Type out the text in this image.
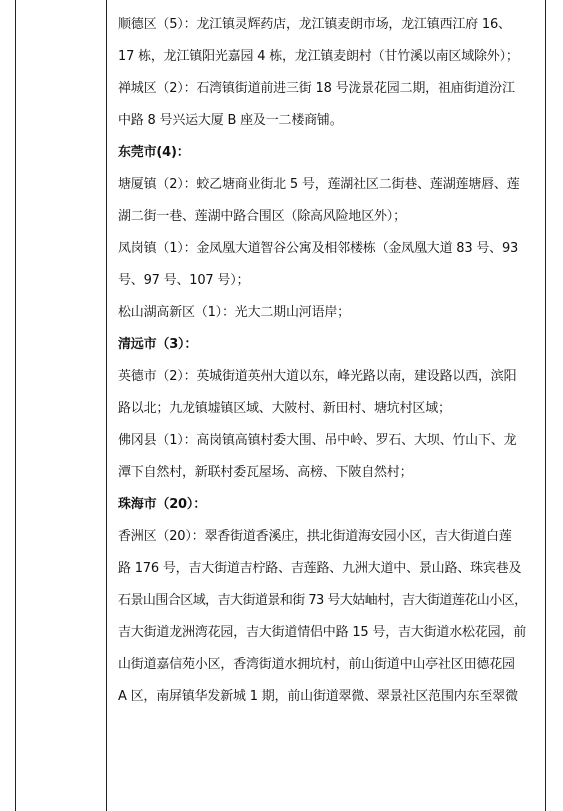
顺德区（5）：龙江镇灵辉药店，龙江镇麦朗市场，龙江镇西江府 16、
17 栋，龙江镇阳光嘉园 4 栋，龙江镇麦朗村（甘竹溪以南区域除外）；
禅城区（2）：石湾镇街道前进三街 18 号泷景花园二期，祖庙街道汾江
中路 8 号兴运大厦 B 座及一二楼商铺。
东莞市(4)：
塘厦镇（2）：蛟乙塘商业街北 5 号，莲湖社区二街巷、莲湖莲塘唇、莲
湖二街一巷、莲湖中路合围区（除高风险地区外）；
凤岗镇（1）：金凤凰大道智谷公寓及相邻楼栋（金凤凰大道 83 号、93
号、97 号、107 号）；
松山湖高新区（1）：光大二期山河语岸；
清远市（3）：
英德市（2）：英城街道英州大道以东，峰光路以南，建设路以西，滨阳
路以北；九龙镇墟镇区域、大陂村、新田村、塘坑村区域；
佛冈县（1）：高岗镇高镇村委大围、吊中岭、罗石、大坝、竹山下、龙
潭下自然村，新联村委瓦屋场、高榜、下陂自然村；
珠海市（20）：
香洲区（20）：翠香街道香溪庄，拱北街道海安园小区，吉大街道白莲
路 176 号，吉大街道吉柠路、吉莲路、九洲大道中、景山路、珠宾巷及
石景山围合区域，吉大街道景和街 73 号大姑岫村，吉大街道莲花山小区，
吉大街道龙洲湾花园，吉大街道情侣中路 15 号，吉大街道水松花园，前
山街道嘉信苑小区，香湾街道水拥坑村，前山街道中山亭社区田德花园
A 区，南屏镇华发新城 1 期，前山街道翠微、翠景社区范围内东至翠微
